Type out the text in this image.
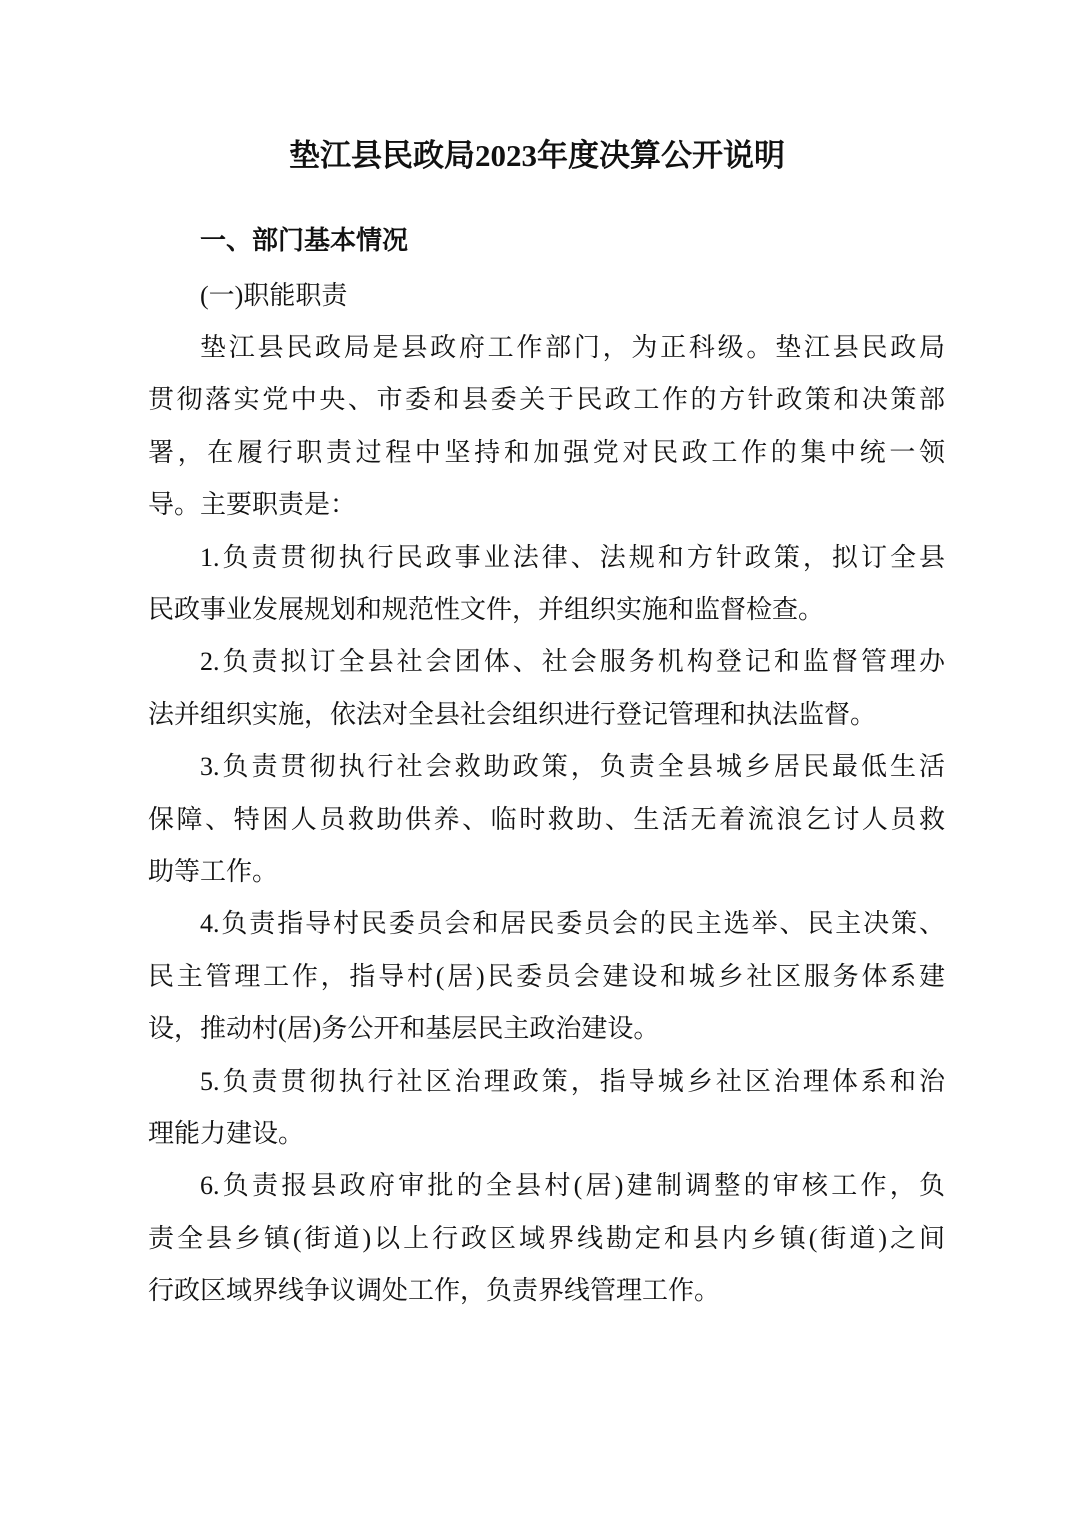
垫江县民政局2023年度决算公开说明
一、部门基本情况
(一)职能职责
垫江县民政局是县政府工作部门，为正科级。垫江县民政局
贯彻落实党中央、市委和县委关于民政工作的方针政策和决策部
署，在履行职责过程中坚持和加强党对民政工作的集中统一领
导。主要职责是：
1.负责贯彻执行民政事业法律、法规和方针政策，拟订全县
民政事业发展规划和规范性文件，并组织实施和监督检查。
2.负责拟订全县社会团体、社会服务机构登记和监督管理办
法并组织实施，依法对全县社会组织进行登记管理和执法监督。
3.负责贯彻执行社会救助政策，负责全县城乡居民最低生活
保障、特困人员救助供养、临时救助、生活无着流浪乞讨人员救
助等工作。
4.负责指导村民委员会和居民委员会的民主选举、民主决策、
民主管理工作，指导村(居)民委员会建设和城乡社区服务体系建
设，推动村(居)务公开和基层民主政治建设。
5.负责贯彻执行社区治理政策，指导城乡社区治理体系和治
理能力建设。
6.负责报县政府审批的全县村(居)建制调整的审核工作，负
责全县乡镇(街道)以上行政区域界线勘定和县内乡镇(街道)之间
行政区域界线争议调处工作，负责界线管理工作。
